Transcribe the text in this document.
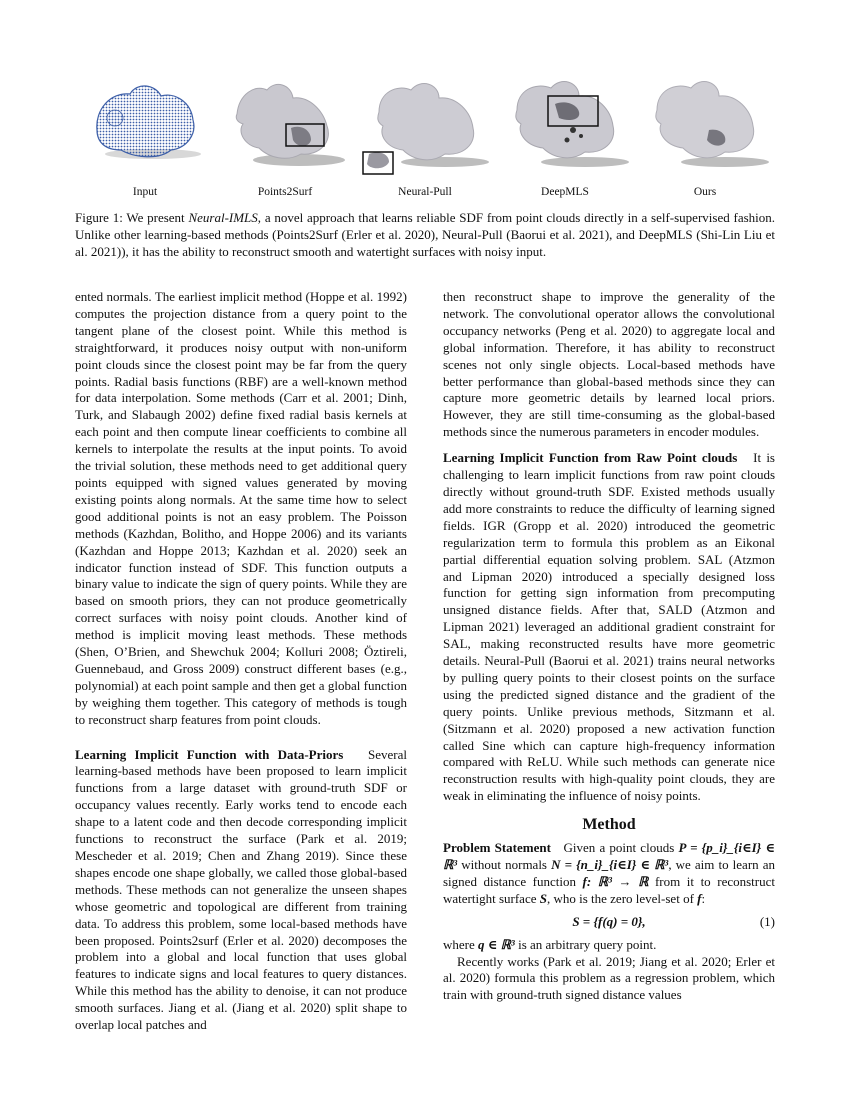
Input	Points2Surf	Neural-Pull	DeepMLS	Ours
Figure 1: We present Neural-IMLS, a novel approach that learns reliable SDF from point clouds directly in a self-supervised fashion. Unlike other learning-based methods (Points2Surf (Erler et al. 2020), Neural-Pull (Baorui et al. 2021), and DeepMLS (Shi-Lin Liu et al. 2021)), it has the ability to reconstruct smooth and watertight surfaces with noisy input.

ented normals. The earliest implicit method (Hoppe et al. 1992) computes the projection distance from a query point to the tangent plane of the closest point. While this method is straightforward, it produces noisy output with non-uniform point clouds since the closest point may be far from the query points. Radial basis functions (RBF) are a well-known method for data interpolation. Some methods (Carr et al. 2001; Dinh, Turk, and Slabaugh 2002) define fixed radial basis kernels at each point and then compute linear coefficients to combine all kernels to interpolate the results at the input points. To avoid the trivial solution, these methods need to get additional query points equipped with signed values generated by moving existing points along normals. At the same time how to select good additional points is not an easy problem. The Poisson methods (Kazhdan, Bolitho, and Hoppe 2006) and its variants (Kazhdan and Hoppe 2013; Kazhdan et al. 2020) seek an indicator function instead of SDF. This function outputs a binary value to indicate the sign of query points. While they are based on smooth priors, they can not produce geometrically correct surfaces with noisy point clouds. Another kind of method is implicit moving least methods. These methods (Shen, O’Brien, and Shewchuk 2004; Kolluri 2008; Öztireli, Guennebaud, and Gross 2009) construct different bases (e.g., polynomial) at each point sample and then get a global function by weighing them together. This category of methods is tough to reconstruct sharp features from point clouds.

Learning Implicit Function with Data-Priors Several learning-based methods have been proposed to learn implicit functions from a large dataset with ground-truth SDF or occupancy values recently. Early works tend to encode each shape to a latent code and then decode corresponding implicit functions to reconstruct the surface (Park et al. 2019; Mescheder et al. 2019; Chen and Zhang 2019). Since these shapes encode one shape globally, we called those global-based methods. These methods can not generalize the unseen shapes whose geometric and topological are different from training data. To address this problem, some local-based methods have been proposed. Points2surf (Erler et al. 2020) decomposes the problem into a global and local function that uses global features to indicate signs and local features to query distances. While this method has the ability to denoise, it can not produce smooth surfaces. Jiang et al. (Jiang et al. 2020) split shape to overlap local patches and

then reconstruct shape to improve the generality of the network. The convolutional operator allows the convolutional occupancy networks (Peng et al. 2020) to aggregate local and global information. Therefore, it has ability to reconstruct scenes not only single objects. Local-based methods have better performance than global-based methods since they can capture more geometric details by learned local priors. However, they are still time-consuming as the global-based methods since the numerous parameters in encoder modules.

Learning Implicit Function from Raw Point clouds It is challenging to learn implicit functions from raw point clouds directly without ground-truth SDF. Existed methods usually add more constraints to reduce the difficulty of learning signed fields. IGR (Gropp et al. 2020) introduced the geometric regularization term to formula this problem as an Eikonal partial differential equation solving problem. SAL (Atzmon and Lipman 2020) introduced a specially designed loss function for getting sign information from precomputing unsigned distance fields. After that, SALD (Atzmon and Lipman 2021) leveraged an additional gradient constraint for SAL, making reconstructed results have more geometric details. Neural-Pull (Baorui et al. 2021) trains neural networks by pulling query points to their closest points on the surface using the predicted signed distance and the gradient of the query points. Unlike previous methods, Sitzmann et al. (Sitzmann et al. 2020) proposed a new activation function called Sine which can capture high-frequency information compared with ReLU. While such methods can generate nice reconstruction results with high-quality point clouds, they are weak in eliminating the influence of noisy points.

Method

Problem Statement Given a point clouds P = {p_i}_{i∈I} ∈ ℝ³ without normals N = {n_i}_{i∈I} ∈ ℝ³, we aim to learn an signed distance function f: ℝ³ → ℝ from it to reconstruct watertight surface S, who is the zero level-set of f:

S = {f(q) = 0},	(1)

where q ∈ ℝ³ is an arbitrary query point.

Recently works (Park et al. 2019; Jiang et al. 2020; Erler et al. 2020) formula this problem as a regression problem, which train with ground-truth signed distance values
